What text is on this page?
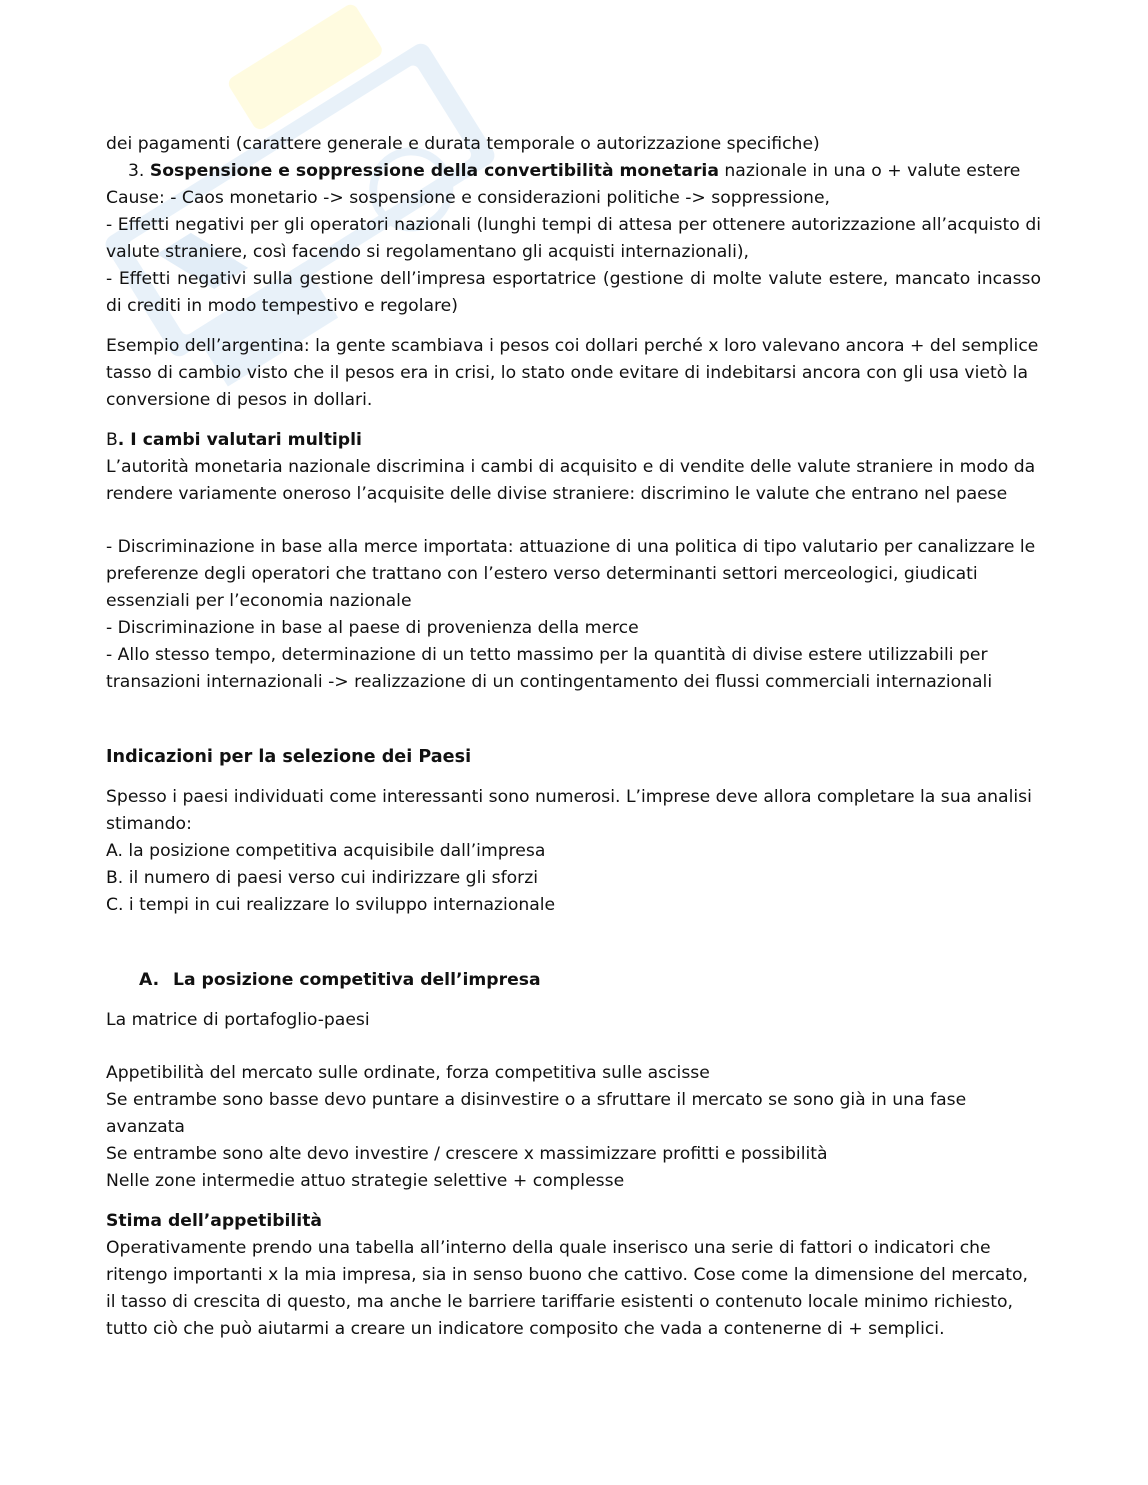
dei pagamenti (carattere generale e durata temporale o autorizzazione specifiche)

3. Sospensione e soppressione della convertibilità monetaria nazionale in una o + valute estere

Cause: - Caos monetario -> sospensione e considerazioni politiche -> soppressione,

- Effetti negativi per gli operatori nazionali (lunghi tempi di attesa per ottenere autorizzazione all’acquisto di valute straniere, così facendo si regolamentano gli acquisti internazionali),

- Effetti negativi sulla gestione dell’impresa esportatrice (gestione di molte valute estere, mancato incasso di crediti in modo tempestivo e regolare)

Esempio dell’argentina: la gente scambiava i pesos coi dollari perché x loro valevano ancora + del semplice tasso di cambio visto che il pesos era in crisi, lo stato onde evitare di indebitarsi ancora con gli usa vietò la conversione di pesos in dollari.

B. I cambi valutari multipli

L’autorità monetaria nazionale discrimina i cambi di acquisito e di vendite delle valute straniere in modo da rendere variamente oneroso l’acquisite delle divise straniere: discrimino le valute che entrano nel paese

- Discriminazione in base alla merce importata: attuazione di una politica di tipo valutario per canalizzare le preferenze degli operatori che trattano con l’estero verso determinanti settori merceologici, giudicati essenziali per l’economia nazionale

- Discriminazione in base al paese di provenienza della merce

- Allo stesso tempo, determinazione di un tetto massimo per la quantità di divise estere utilizzabili per transazioni internazionali -> realizzazione di un contingentamento dei flussi commerciali internazionali

Indicazioni per la selezione dei Paesi

Spesso i paesi individuati come interessanti sono numerosi. L’imprese deve allora completare la sua analisi stimando:

A. la posizione competitiva acquisibile dall’impresa

B. il numero di paesi verso cui indirizzare gli sforzi

C. i tempi in cui realizzare lo sviluppo internazionale

A. La posizione competitiva dell’impresa

La matrice di portafoglio-paesi

Appetibilità del mercato sulle ordinate, forza competitiva sulle ascisse

Se entrambe sono basse devo puntare a disinvestire o a sfruttare il mercato se sono già in una fase avanzata

Se entrambe sono alte devo investire / crescere x massimizzare profitti e possibilità

Nelle zone intermedie attuo strategie selettive + complesse

Stima dell’appetibilità

Operativamente prendo una tabella all’interno della quale inserisco una serie di fattori o indicatori che ritengo importanti x la mia impresa, sia in senso buono che cattivo. Cose come la dimensione del mercato, il tasso di crescita di questo, ma anche le barriere tariffarie esistenti o contenuto locale minimo richiesto, tutto ciò che può aiutarmi a creare un indicatore composito che vada a contenerne di + semplici.
